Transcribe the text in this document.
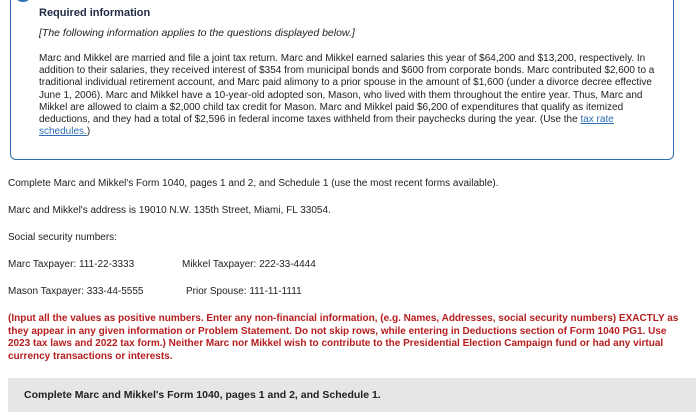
Required information
[The following information applies to the questions displayed below.]
Marc and Mikkel are married and file a joint tax return. Marc and Mikkel earned salaries this year of $64,200 and $13,200, respectively. In addition to their salaries, they received interest of $354 from municipal bonds and $600 from corporate bonds. Marc contributed $2,600 to a traditional individual retirement account, and Marc paid alimony to a prior spouse in the amount of $1,600 (under a divorce decree effective June 1, 2006). Marc and Mikkel have a 10-year-old adopted son, Mason, who lived with them throughout the entire year. Thus, Marc and Mikkel are allowed to claim a $2,000 child tax credit for Mason. Marc and Mikkel paid $6,200 of expenditures that qualify as itemized deductions, and they had a total of $2,596 in federal income taxes withheld from their paychecks during the year. (Use the tax rate schedules.)
Complete Marc and Mikkel's Form 1040, pages 1 and 2, and Schedule 1 (use the most recent forms available).
Marc and Mikkel's address is 19010 N.W. 135th Street, Miami, FL 33054.
Social security numbers:
Marc Taxpayer: 111-22-3333	Mikkel Taxpayer: 222-33-4444
Mason Taxpayer: 333-44-5555	Prior Spouse: 111-11-1111
(Input all the values as positive numbers. Enter any non-financial information, (e.g. Names, Addresses, social security numbers) EXACTLY as they appear in any given information or Problem Statement. Do not skip rows, while entering in Deductions section of Form 1040 PG1. Use 2023 tax laws and 2022 tax form.) Neither Marc nor Mikkel wish to contribute to the Presidential Election Campaign fund or had any virtual currency transactions or interests.
Complete Marc and Mikkel's Form 1040, pages 1 and 2, and Schedule 1.
